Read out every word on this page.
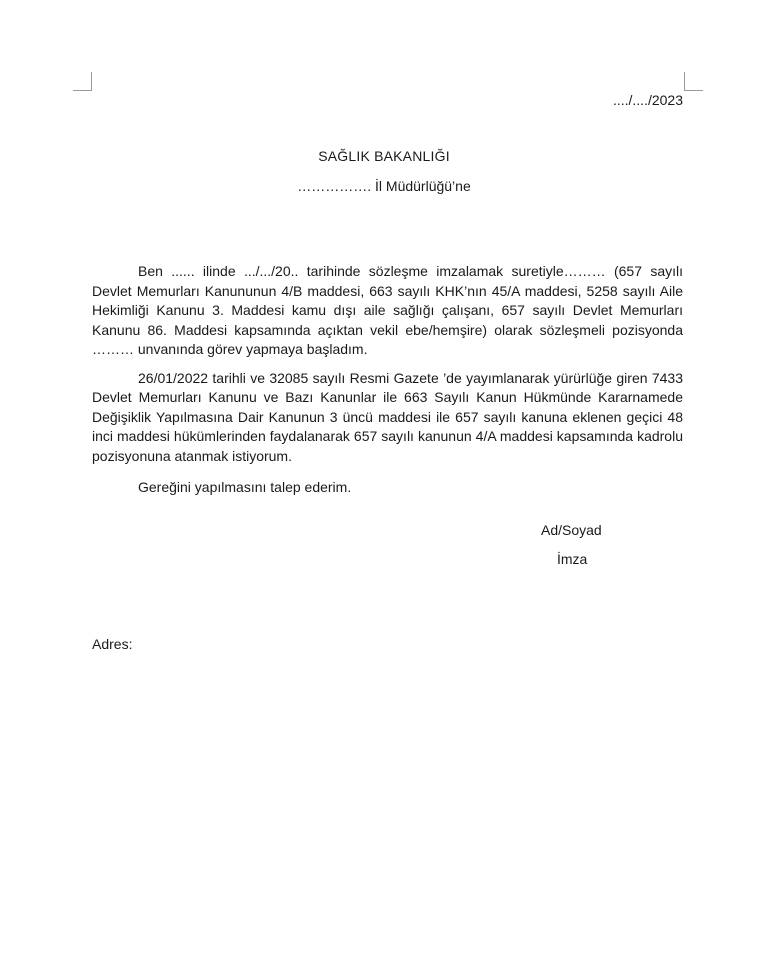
..../..../2023
SAĞLIK BAKANLIĞI
……………. İl Müdürlüğü’ne

Ben ...... ilinde .../.../20.. tarihinde sözleşme imzalamak suretiyle……… (657 sayılı Devlet Memurları Kanununun 4/B maddesi, 663 sayılı KHK’nın 45/A maddesi, 5258 sayılı Aile Hekimliği Kanunu 3. Maddesi kamu dışı aile sağlığı çalışanı, 657 sayılı Devlet Memurları Kanunu 86. Maddesi kapsamında açıktan vekil ebe/hemşire) olarak sözleşmeli pozisyonda ……… unvanında görev yapmaya başladım.

26/01/2022 tarihli ve 32085 sayılı Resmi Gazete ’de yayımlanarak yürürlüğe giren 7433 Devlet Memurları Kanunu ve Bazı Kanunlar ile 663 Sayılı Kanun Hükmünde Kararnamede Değişiklik Yapılmasına Dair Kanunun 3 üncü maddesi ile 657 sayılı kanuna eklenen geçici 48 inci maddesi hükümlerinden faydalanarak 657 sayılı kanunun 4/A maddesi kapsamında kadrolu pozisyonuna atanmak istiyorum.

Gereğini yapılmasını talep ederim.

Ad/Soyad
İmza
Adres:
